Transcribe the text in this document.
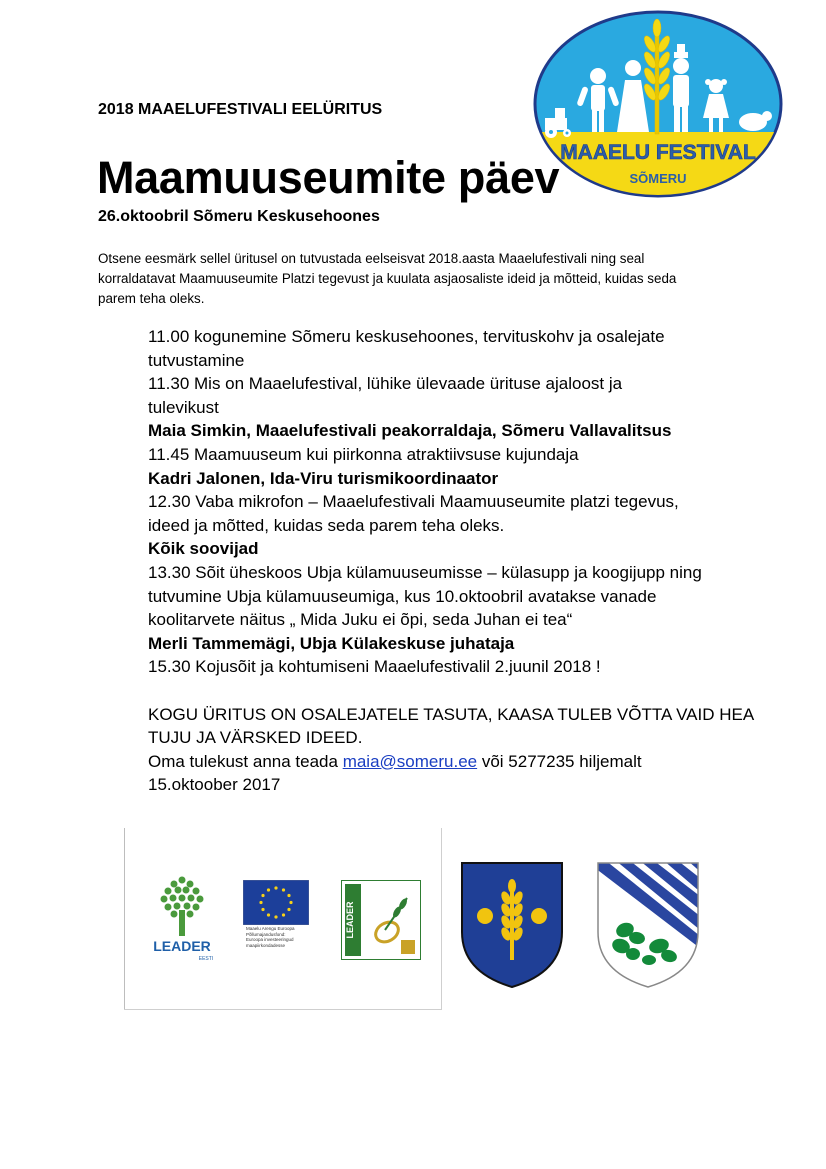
2018 MAAELUFESTIVALI EELÜRITUS
Maamuuseumite päev
26.oktoobril Sõmeru Keskusehoones
Otsene eesmärk sellel üritusel on tutvustada eelseisvat 2018.aasta Maaelufestivali ning seal
korraldatavat Maamuuseumite Platzi tegevust ja kuulata asjaosaliste ideid ja mõtteid, kuidas seda
parem teha oleks.
11.00 kogunemine Sõmeru keskusehoones, tervituskohv ja osalejate
tutvustamine
11.30 Mis on Maaelufestival, lühike ülevaade ürituse ajaloost ja
tulevikust
Maia Simkin, Maaelufestivali peakorraldaja, Sõmeru Vallavalitsus
11.45 Maamuuseum kui piirkonna atraktiivsuse kujundaja
Kadri Jalonen, Ida-Viru turismikoordinaator
12.30 Vaba mikrofon – Maaelufestivali Maamuuseumite platzi tegevus,
ideed ja mõtted, kuidas seda parem teha oleks.
Kõik soovijad
13.30 Sõit üheskoos Ubja külamuuseumisse – külasupp ja koogijupp ning
tutvumine Ubja külamuuseumiga, kus 10.oktoobril avatakse vanade
koolitarvete näitus „ Mida Juku ei õpi, seda Juhan ei tea“
Merli Tammemägi, Ubja Külakeskuse juhataja
15.30 Kojusõit ja kohtumiseni Maaelufestivalil 2.juunil 2018 !
KOGU ÜRITUS ON OSALEJATELE TASUTA, KAASA TULEB VÕTTA VAID HEA
TUJU JA VÄRSKED IDEED.
Oma tulekust anna teada maia@someru.ee või 5277235 hiljemalt
15.oktoober 2017
MAAELU FESTIVAL
SÕMERU
LEADER
EESTI
Maaelu Arengu Euroopa
Põllumajandusfond:
Euroopa investeeringud
maapiirkondadesse
LEADER
